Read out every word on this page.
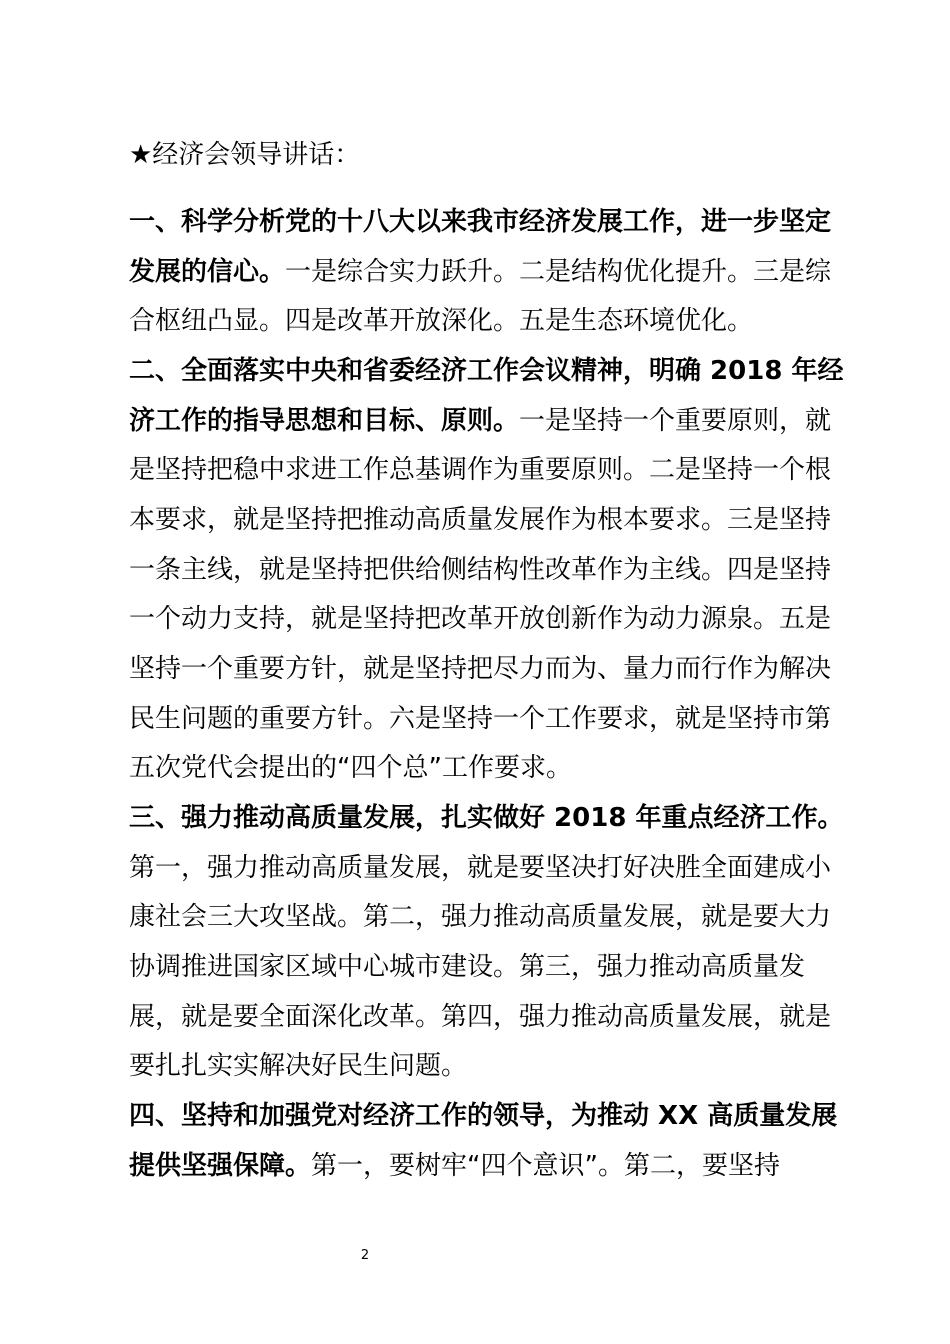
★经济会领导讲话：
一、科学分析党的十八大以来我市经济发展工作，进一步坚定
发展的信心。一是综合实力跃升。二是结构优化提升。三是综
合枢纽凸显。四是改革开放深化。五是生态环境优化。
二、全面落实中央和省委经济工作会议精神，明确 2018 年经
济工作的指导思想和目标、原则。一是坚持一个重要原则，就
是坚持把稳中求进工作总基调作为重要原则。二是坚持一个根
本要求，就是坚持把推动高质量发展作为根本要求。三是坚持
一条主线，就是坚持把供给侧结构性改革作为主线。四是坚持
一个动力支持，就是坚持把改革开放创新作为动力源泉。五是
坚持一个重要方针，就是坚持把尽力而为、量力而行作为解决
民生问题的重要方针。六是坚持一个工作要求，就是坚持市第
五次党代会提出的“四个总”工作要求。
三、强力推动高质量发展，扎实做好 2018 年重点经济工作。
第一，强力推动高质量发展，就是要坚决打好决胜全面建成小
康社会三大攻坚战。第二，强力推动高质量发展，就是要大力
协调推进国家区域中心城市建设。第三，强力推动高质量发
展，就是要全面深化改革。第四，强力推动高质量发展，就是
要扎扎实实解决好民生问题。
四、坚持和加强党对经济工作的领导，为推动 XX 高质量发展
提供坚强保障。第一，要树牢“四个意识”。第二，要坚持
2
